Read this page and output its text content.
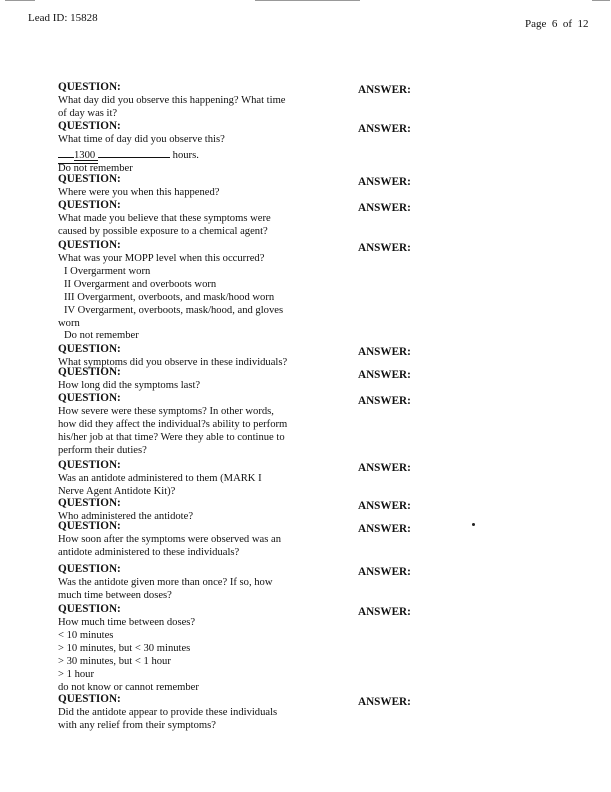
Lead ID: 15828	Page  6  of  12
QUESTION:
What day did you observe this happening? What time of day was it?
ANSWER:
QUESTION:
What time of day did you observe this?
1300	hours.
Do not remember
ANSWER:
QUESTION:
Where were you when this happened?
ANSWER:
QUESTION:
What made you believe that these symptoms were caused by possible exposure to a chemical agent?
ANSWER:
QUESTION:
What was your MOPP level when this occurred?
I Overgarment worn
II Overgarment and overboots worn
III Overgarment, overboots, and mask/hood worn
IV Overgarment, overboots, mask/hood, and gloves
worn
Do not remember
ANSWER:
QUESTION:
What symptoms did you observe in these individuals?
ANSWER:
QUESTION:
How long did the symptoms last?
ANSWER:
QUESTION:
How severe were these symptoms? In other words, how did they affect the individual?s ability to perform his/her job at that time? Were they able to continue to perform their duties?
ANSWER:
QUESTION:
Was an antidote administered to them (MARK I Nerve Agent Antidote Kit)?
ANSWER:
QUESTION:
Who administered the antidote?
ANSWER:
QUESTION:
How soon after the symptoms were observed was an antidote administered to these individuals?
ANSWER:
QUESTION:
Was the antidote given more than once? If so, how much time between doses?
ANSWER:
QUESTION:
How much time between doses?
< 10 minutes
> 10 minutes, but < 30 minutes
> 30 minutes, but < 1 hour
> 1 hour
do not know or cannot remember
ANSWER:
QUESTION:
Did the antidote appear to provide these individuals with any relief from their symptoms?
ANSWER:
